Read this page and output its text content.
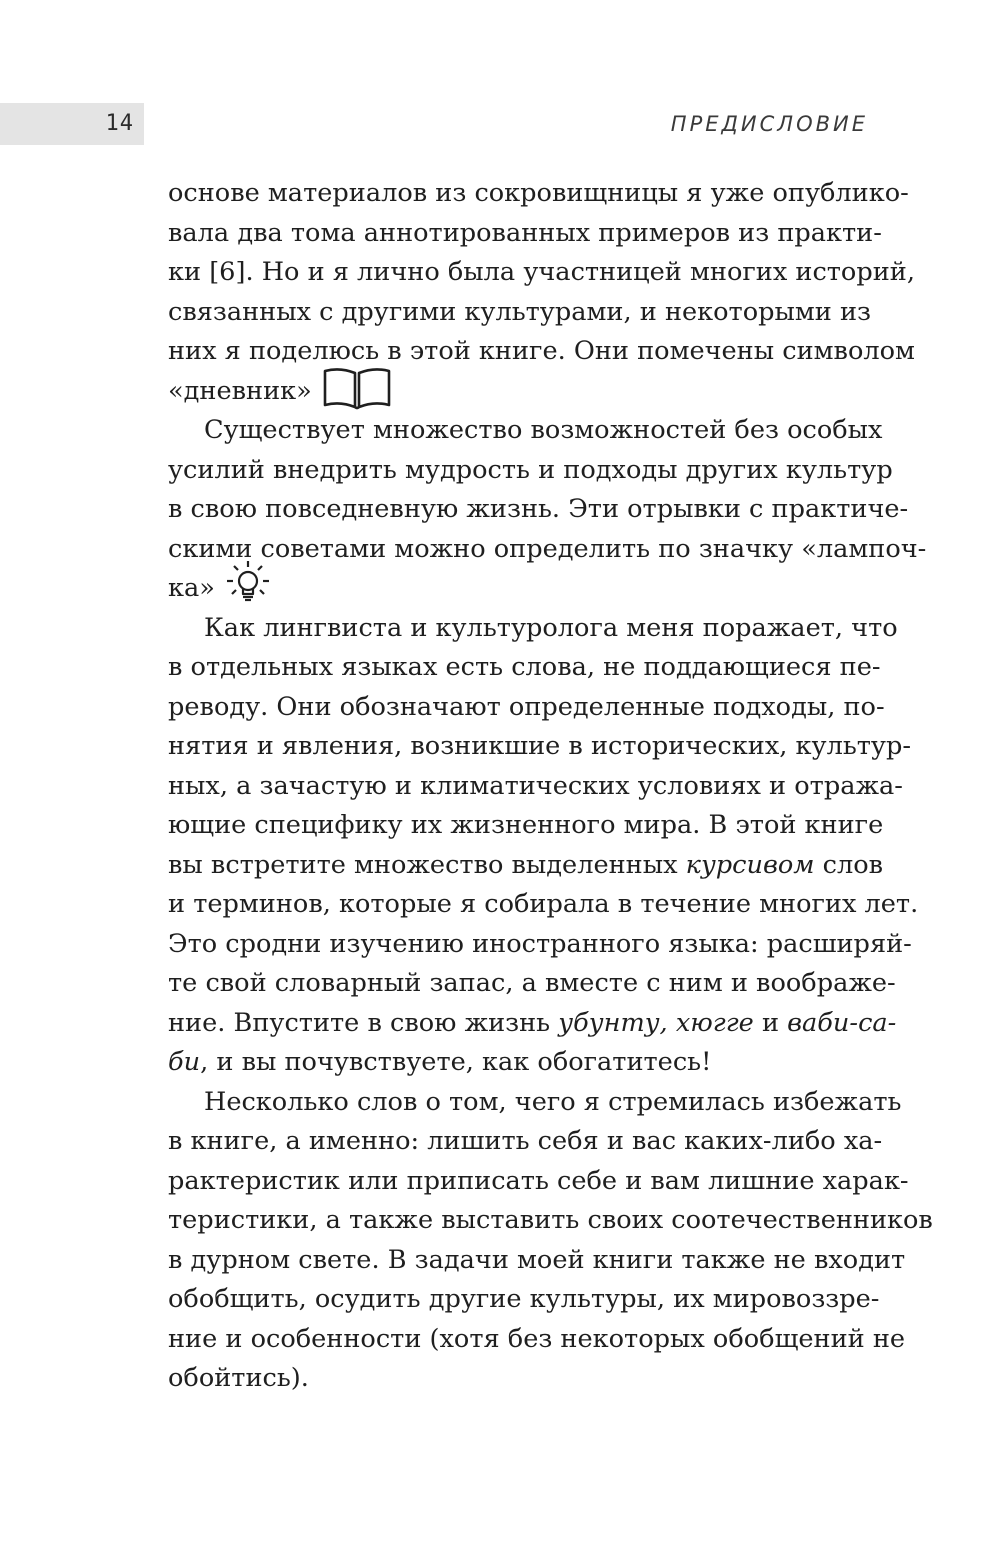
14	ПРЕДИСЛОВИЕ
основе материалов из сокровищницы я уже опублико-
вала два тома аннотированных примеров из практи-
ки [6]. Но и я лично была участницей многих историй,
связанных с другими культурами, и некоторыми из
них я поделюсь в этой книге. Они помечены символом
«дневник»
Существует множество возможностей без особых
усилий внедрить мудрость и подходы других культур
в свою повседневную жизнь. Эти отрывки с практиче-
скими советами можно определить по значку «лампоч-
ка»
Как лингвиста и культуролога меня поражает, что
в отдельных языках есть слова, не поддающиеся пе-
реводу. Они обозначают определенные подходы, по-
нятия и явления, возникшие в исторических, культур-
ных, а зачастую и климатических условиях и отража-
ющие специфику их жизненного мира. В этой книге
вы встретите множество выделенных курсивом слов
и терминов, которые я собирала в течение многих лет.
Это сродни изучению иностранного языка: расширяй-
те свой словарный запас, а вместе с ним и воображе-
ние. Впустите в свою жизнь убунту, хюгге и ваби-са-
би, и вы почувствуете, как обогатитесь!
Несколько слов о том, чего я стремилась избежать
в книге, а именно: лишить себя и вас каких-либо ха-
рактеристик или приписать себе и вам лишние харак-
теристики, а также выставить своих соотечественников
в дурном свете. В задачи моей книги также не входит
обобщить, осудить другие культуры, их мировоззре-
ние и особенности (хотя без некоторых обобщений не
обойтись).
